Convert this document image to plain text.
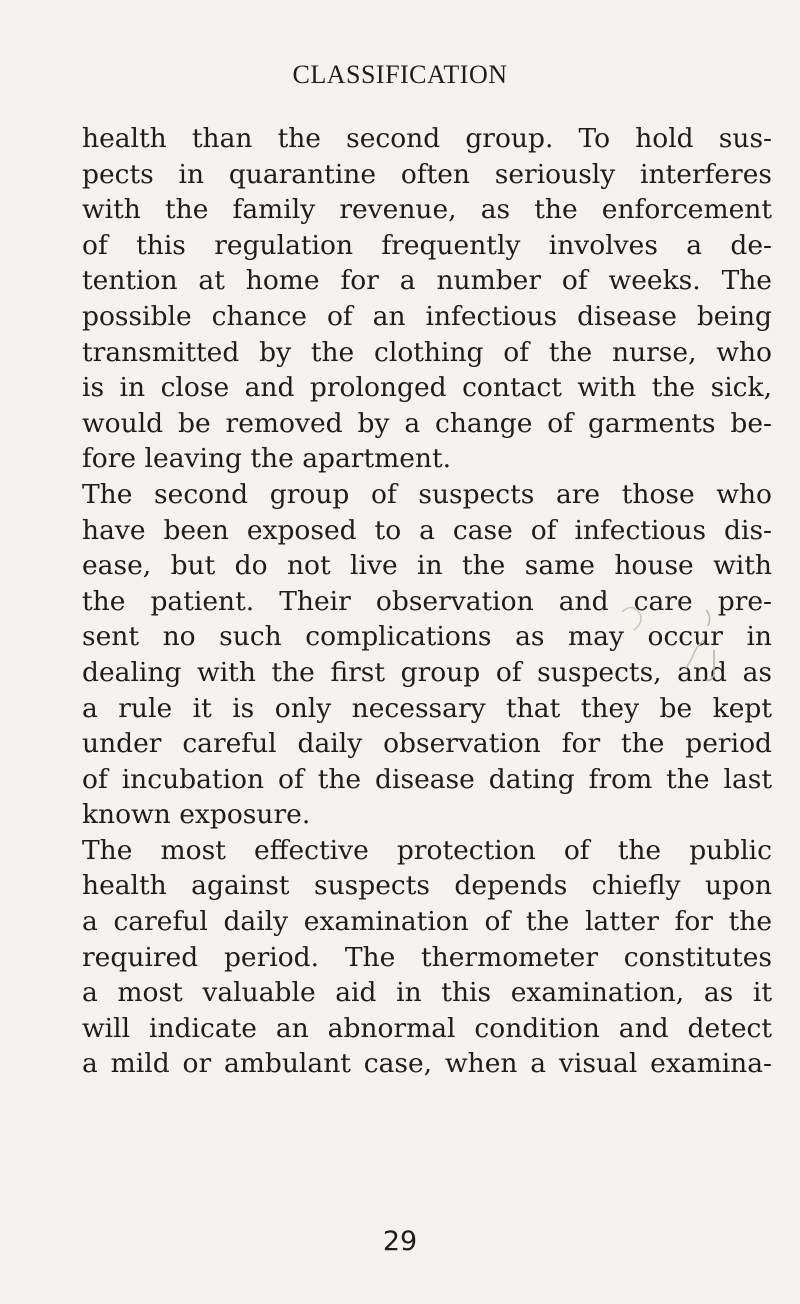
CLASSIFICATION
health than the second group. To hold sus-
pects in quarantine often seriously interferes
with the family revenue, as the enforcement
of this regulation frequently involves a de-
tention at home for a number of weeks. The
possible chance of an infectious disease being
transmitted by the clothing of the nurse, who
is in close and prolonged contact with the sick,
would be removed by a change of garments be-
fore leaving the apartment.
The second group of suspects are those who
have been exposed to a case of infectious dis-
ease, but do not live in the same house with
the patient. Their observation and care pre-
sent no such complications as may occur in
dealing with the first group of suspects, and as
a rule it is only necessary that they be kept
under careful daily observation for the period
of incubation of the disease dating from the last
known exposure.
The most effective protection of the public
health against suspects depends chiefly upon
a careful daily examination of the latter for the
required period. The thermometer constitutes
a most valuable aid in this examination, as it
will indicate an abnormal condition and detect
a mild or ambulant case, when a visual examina-
29
